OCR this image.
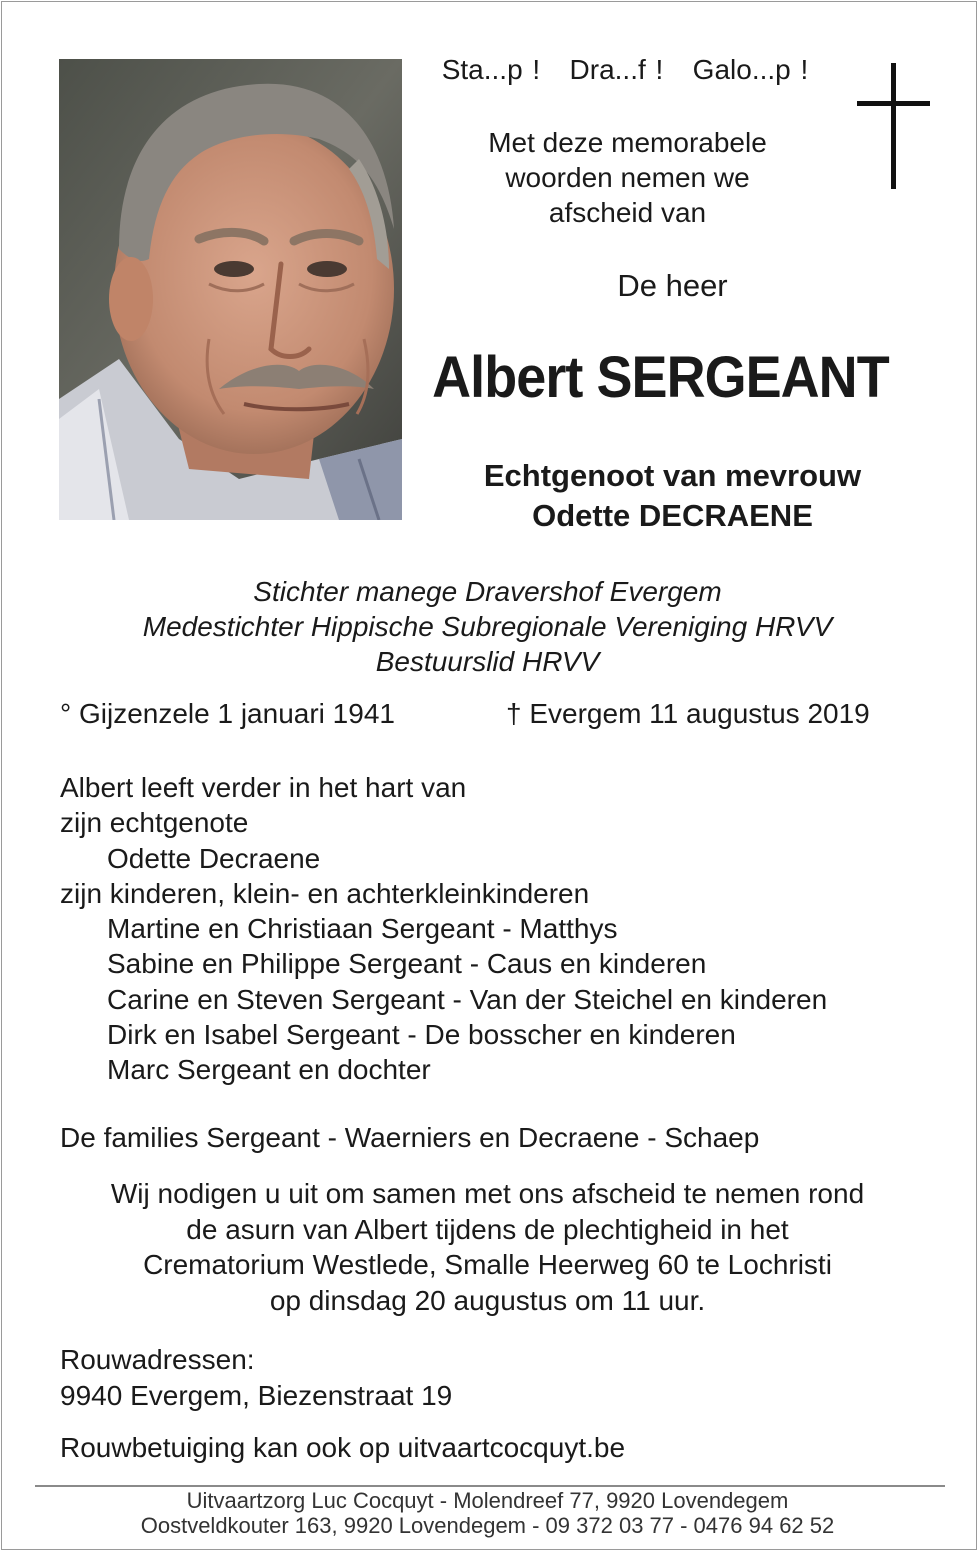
Sta...p !   Dra...f !   Galo...p !
Met deze memorabele
woorden nemen we
afscheid van
De heer
Albert SERGEANT
Echtgenoot van mevrouw
Odette DECRAENE
Stichter manege Dravershof Evergem
Medestichter Hippische Subregionale Vereniging HRVV
Bestuurslid HRVV
° Gijzenzele 1 januari 1941	† Evergem 11 augustus 2019
Albert leeft verder in het hart van
zijn echtgenote
Odette Decraene
zijn kinderen, klein- en achterkleinkinderen
Martine en Christiaan Sergeant - Matthys
Sabine en Philippe Sergeant - Caus en kinderen
Carine en Steven Sergeant - Van der Steichel en kinderen
Dirk en Isabel Sergeant - De bosscher en kinderen
Marc Sergeant en dochter
De families Sergeant - Waerniers en Decraene - Schaep
Wij nodigen u uit om samen met ons afscheid te nemen rond
de asurn van Albert tijdens de plechtigheid in het
Crematorium Westlede, Smalle Heerweg 60 te Lochristi
op dinsdag 20 augustus om 11 uur.
Rouwadressen:
9940 Evergem, Biezenstraat 19
Rouwbetuiging kan ook op uitvaartcocquyt.be
Uitvaartzorg Luc Cocquyt - Molendreef 77, 9920 Lovendegem
Oostveldkouter 163, 9920 Lovendegem - 09 372 03 77 - 0476 94 62 52
